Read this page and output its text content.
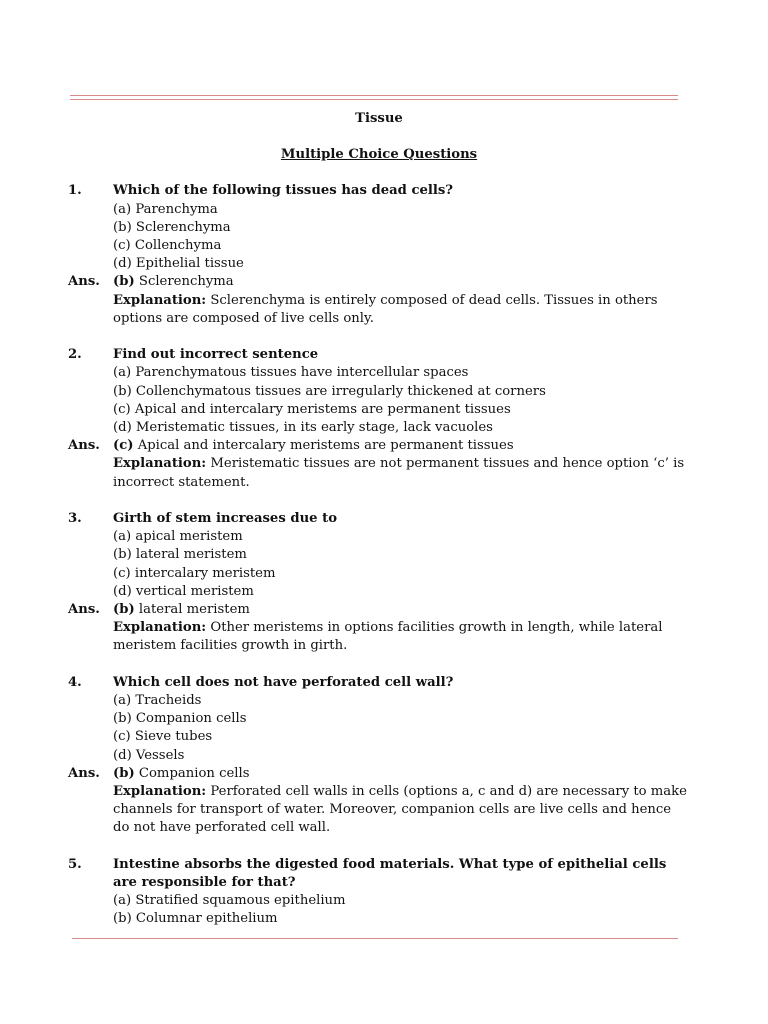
Tissue
Multiple Choice Questions
1.	Which of the following tissues has dead cells?
(a) Parenchyma
(b) Sclerenchyma
(c) Collenchyma
(d) Epithelial tissue
Ans. (b) Sclerenchyma
Explanation: Sclerenchyma is entirely composed of dead cells. Tissues in others options are composed of live cells only.
2.	Find out incorrect sentence
(a) Parenchymatous tissues have intercellular spaces
(b) Collenchymatous tissues are irregularly thickened at corners
(c) Apical and intercalary meristems are permanent tissues
(d) Meristematic tissues, in its early stage, lack vacuoles
Ans. (c) Apical and intercalary meristems are permanent tissues
Explanation: Meristematic tissues are not permanent tissues and hence option ‘c’ is incorrect statement.
3.	Girth of stem increases due to
(a) apical meristem
(b) lateral meristem
(c) intercalary meristem
(d) vertical meristem
Ans. (b) lateral meristem
Explanation: Other meristems in options facilities growth in length, while lateral meristem facilities growth in girth.
4.	Which cell does not have perforated cell wall?
(a) Tracheids
(b) Companion cells
(c) Sieve tubes
(d) Vessels
Ans. (b) Companion cells
Explanation: Perforated cell walls in cells (options a, c and d) are necessary to make channels for transport of water. Moreover, companion cells are live cells and hence do not have perforated cell wall.
5.	Intestine absorbs the digested food materials. What type of epithelial cells are responsible for that?
(a) Stratified squamous epithelium
(b) Columnar epithelium
